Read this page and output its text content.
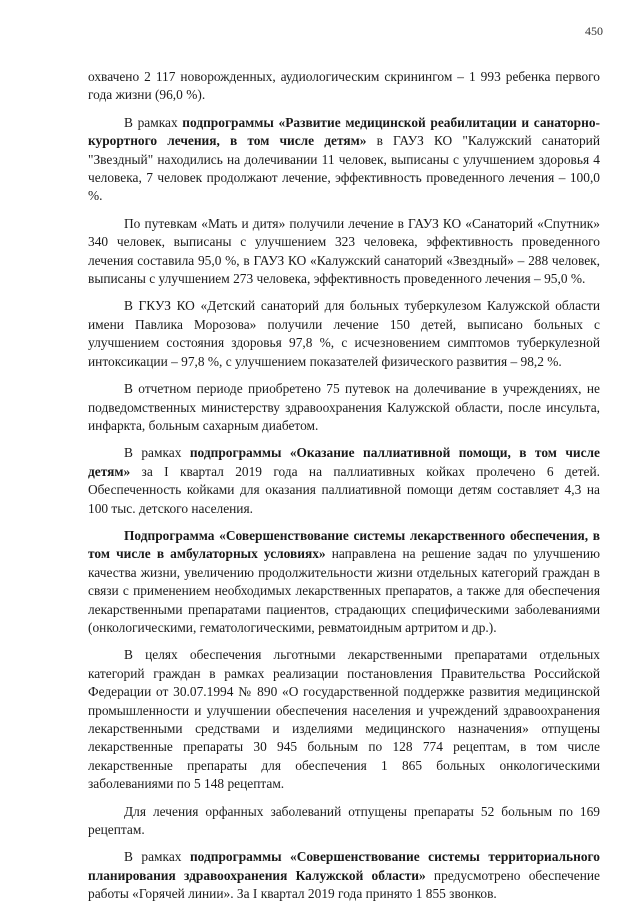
450

охвачено 2 117 новорожденных, аудиологическим скринингом – 1 993 ребенка первого года жизни (96,0 %).

В рамках подпрограммы «Развитие медицинской реабилитации и санаторно-курортного лечения, в том числе детям» в ГАУЗ КО "Калужский санаторий "Звездный" находились на долечивании 11 человек, выписаны с улучшением здоровья 4 человека, 7 человек продолжают лечение, эффективность проведенного лечения – 100,0 %.

По путевкам «Мать и дитя» получили лечение в ГАУЗ КО «Санаторий «Спутник» 340 человек, выписаны с улучшением 323 человека, эффективность проведенного лечения составила 95,0 %, в ГАУЗ КО «Калужский санаторий «Звездный» – 288 человек, выписаны с улучшением 273 человека, эффективность проведенного лечения – 95,0 %.

В ГКУЗ КО «Детский санаторий для больных туберкулезом Калужской области имени Павлика Морозова» получили лечение 150 детей, выписано больных с улучшением состояния здоровья 97,8 %, с исчезновением симптомов туберкулезной интоксикации – 97,8 %, с улучшением показателей физического развития – 98,2 %.

В отчетном периоде приобретено 75 путевок на долечивание в учреждениях, не подведомственных министерству здравоохранения Калужской области, после инсульта, инфаркта, больным сахарным диабетом.

В рамках подпрограммы «Оказание паллиативной помощи, в том числе детям» за I квартал 2019 года на паллиативных койках пролечено 6 детей. Обеспеченность койками для оказания паллиативной помощи детям составляет 4,3 на 100 тыс. детского населения.

Подпрограмма «Совершенствование системы лекарственного обеспечения, в том числе в амбулаторных условиях» направлена на решение задач по улучшению качества жизни, увеличению продолжительности жизни отдельных категорий граждан в связи с применением необходимых лекарственных препаратов, а также для обеспечения лекарственными препаратами пациентов, страдающих специфическими заболеваниями (онкологическими, гематологическими, ревматоидным артритом и др.).

В целях обеспечения льготными лекарственными препаратами отдельных категорий граждан в рамках реализации постановления Правительства Российской Федерации от 30.07.1994 № 890 «О государственной поддержке развития медицинской промышленности и улучшении обеспечения населения и учреждений здравоохранения лекарственными средствами и изделиями медицинского назначения» отпущены лекарственные препараты 30 945 больным по 128 774 рецептам, в том числе лекарственные препараты для обеспечения 1 865 больных онкологическими заболеваниями по 5 148 рецептам.

Для лечения орфанных заболеваний отпущены препараты 52 больным по 169 рецептам.

В рамках подпрограммы «Совершенствование системы территориального планирования здравоохранения Калужской области» предусмотрено обеспечение работы «Горячей линии». За I квартал 2019 года принято 1 855 звонков.
